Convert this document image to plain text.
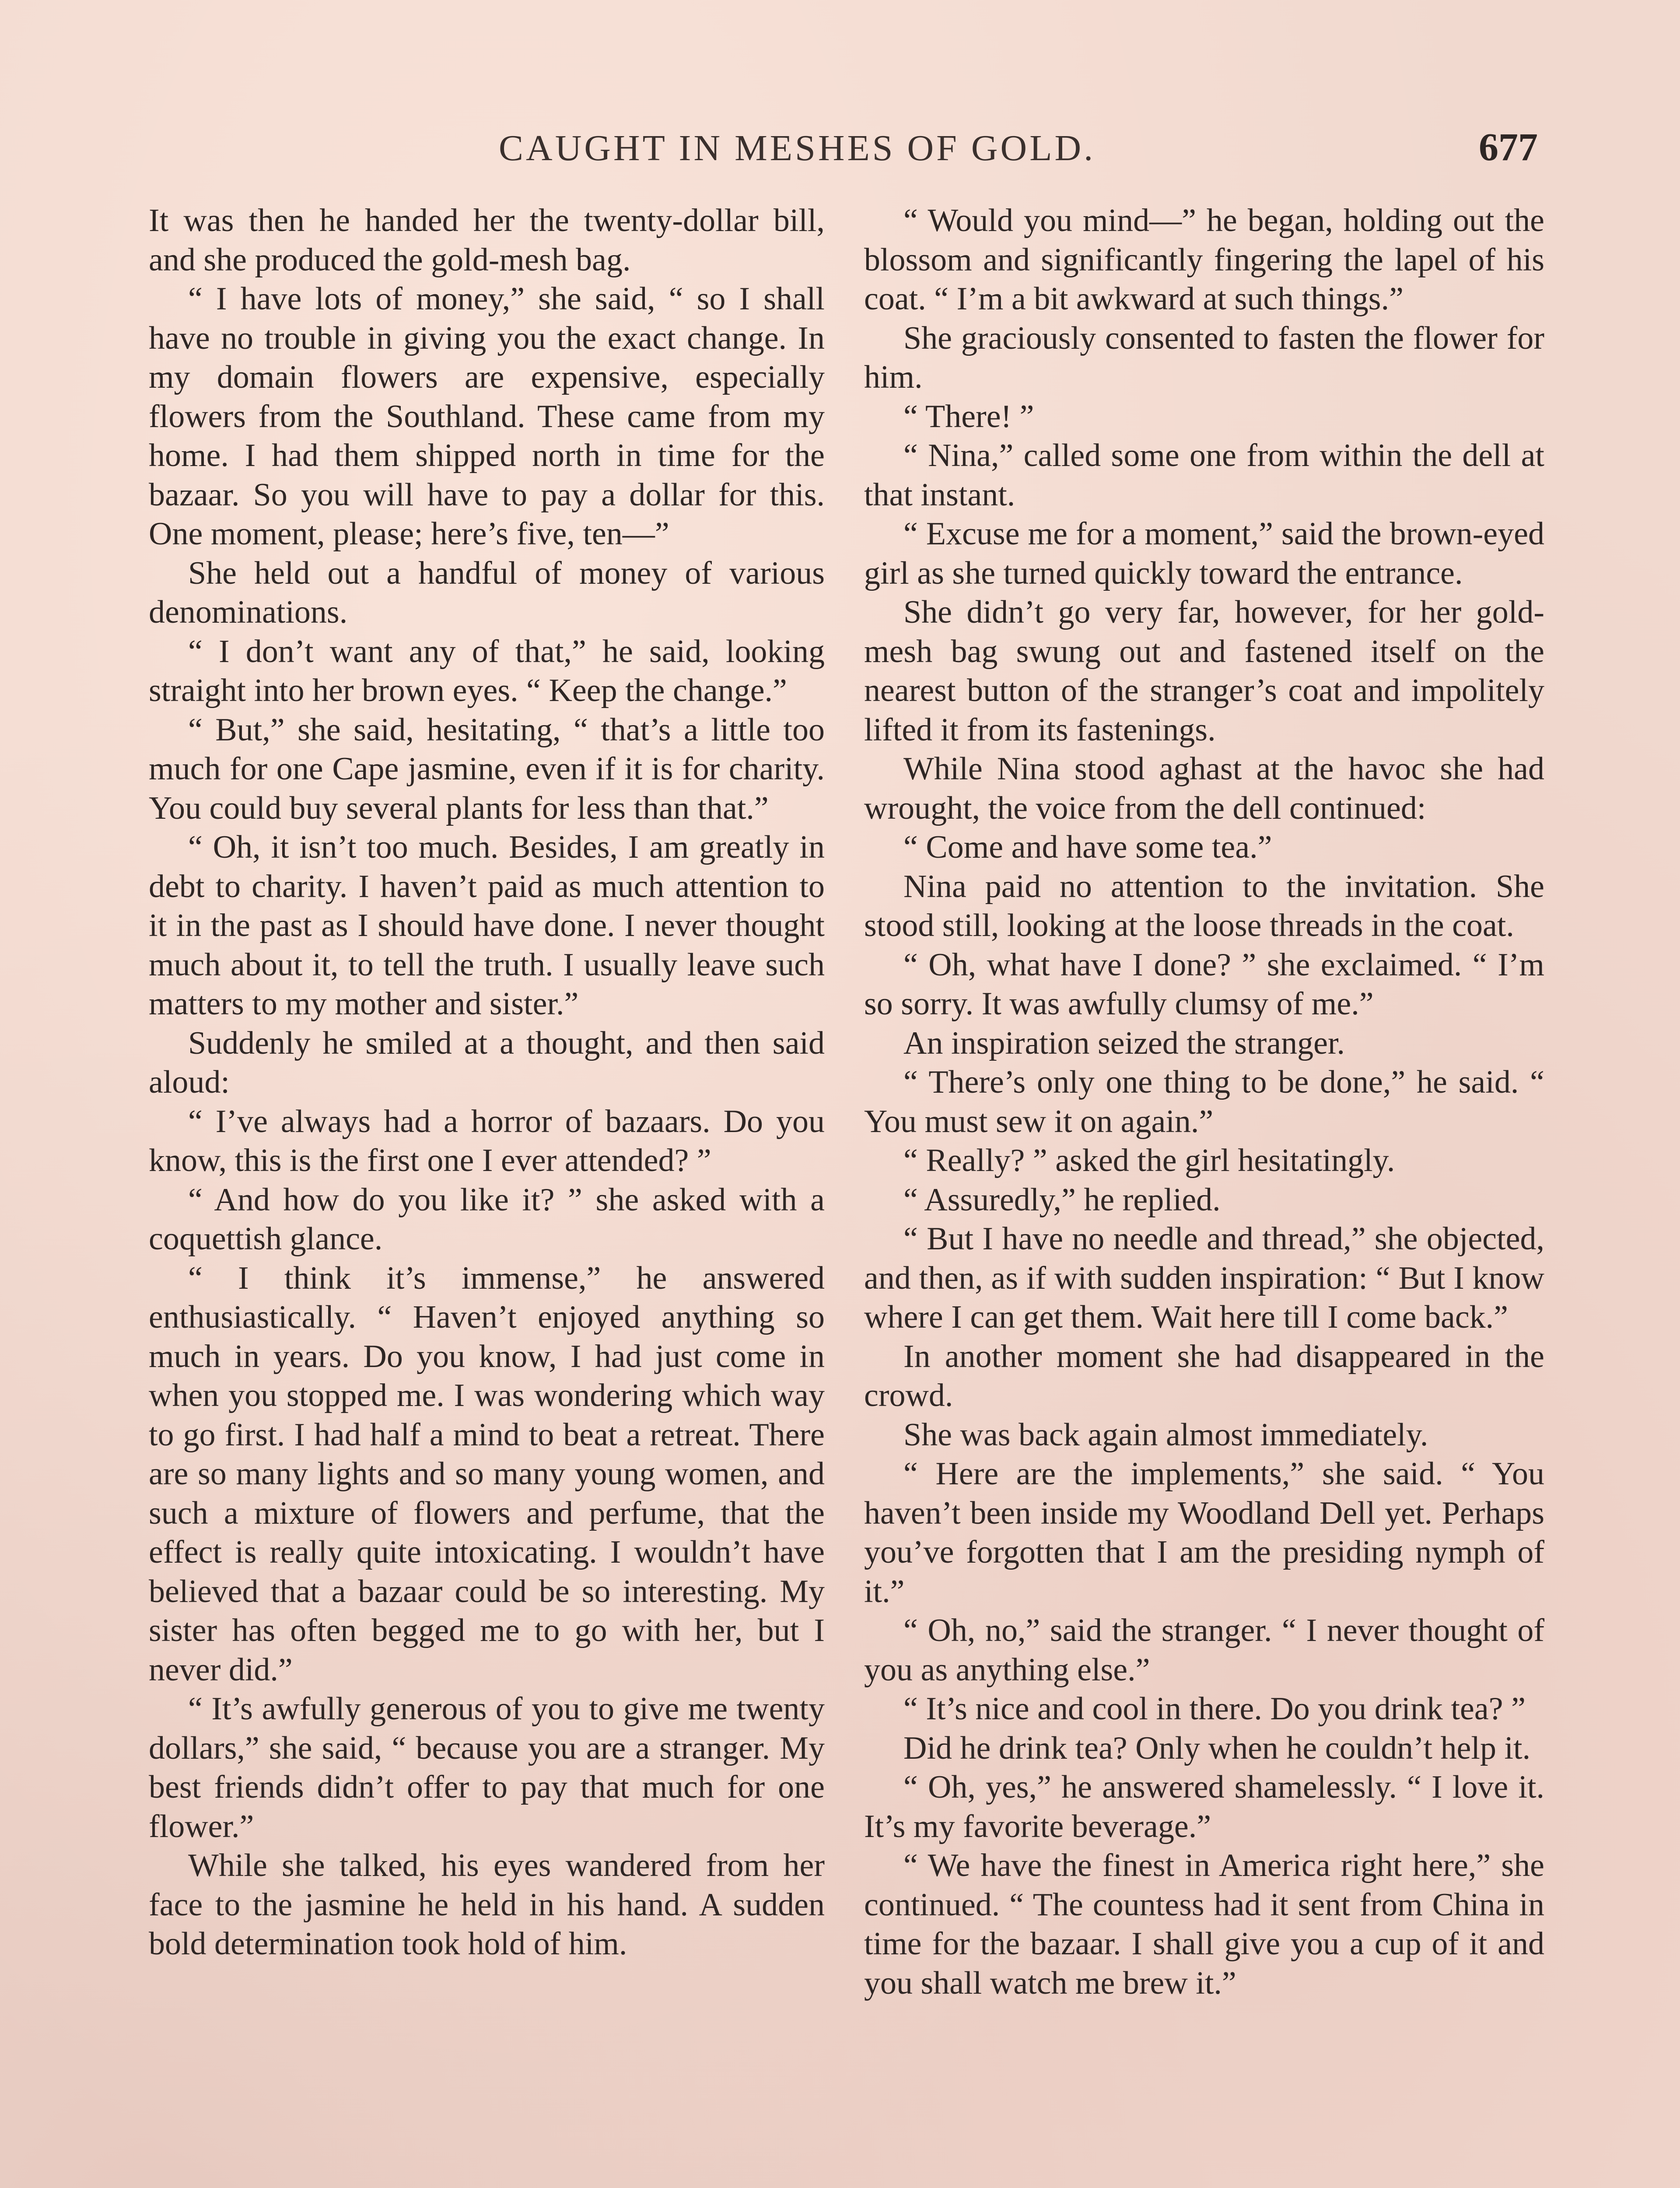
CAUGHT IN MESHES OF GOLD.	677

It was then he handed her the twenty-dollar bill, and she produced the gold-mesh bag.

“ I have lots of money,” she said, “ so I shall have no trouble in giving you the exact change. In my domain flowers are expensive, especially flowers from the Southland. These came from my home. I had them shipped north in time for the bazaar. So you will have to pay a dollar for this. One moment, please; here’s five, ten—”

She held out a handful of money of various denominations.

“ I don’t want any of that,” he said, looking straight into her brown eyes. “ Keep the change.”

“ But,” she said, hesitating, “ that’s a little too much for one Cape jasmine, even if it is for charity. You could buy several plants for less than that.”

“ Oh, it isn’t too much. Besides, I am greatly in debt to charity. I haven’t paid as much attention to it in the past as I should have done. I never thought much about it, to tell the truth. I usually leave such matters to my mother and sister.”

Suddenly he smiled at a thought, and then said aloud:

“ I’ve always had a horror of bazaars. Do you know, this is the first one I ever attended? ”

“ And how do you like it? ” she asked with a coquettish glance.

“ I think it’s immense,” he answered enthusiastically. “ Haven’t enjoyed anything so much in years. Do you know, I had just come in when you stopped me. I was wondering which way to go first. I had half a mind to beat a retreat. There are so many lights and so many young women, and such a mixture of flowers and perfume, that the effect is really quite intoxicating. I wouldn’t have believed that a bazaar could be so interesting. My sister has often begged me to go with her, but I never did.”

“ It’s awfully generous of you to give me twenty dollars,” she said, “ because you are a stranger. My best friends didn’t offer to pay that much for one flower.”

While she talked, his eyes wandered from her face to the jasmine he held in his hand. A sudden bold determination took hold of him.

“ Would you mind—” he began, holding out the blossom and significantly fingering the lapel of his coat. “ I’m a bit awkward at such things.”

She graciously consented to fasten the flower for him.

“ There! ”

“ Nina,” called some one from within the dell at that instant.

“ Excuse me for a moment,” said the brown-eyed girl as she turned quickly toward the entrance.

She didn’t go very far, however, for her gold-mesh bag swung out and fastened itself on the nearest button of the stranger’s coat and impolitely lifted it from its fastenings.

While Nina stood aghast at the havoc she had wrought, the voice from the dell continued:

“ Come and have some tea.”

Nina paid no attention to the invitation. She stood still, looking at the loose threads in the coat.

“ Oh, what have I done? ” she exclaimed. “ I’m so sorry. It was awfully clumsy of me.”

An inspiration seized the stranger.

“ There’s only one thing to be done,” he said. “ You must sew it on again.”

“ Really? ” asked the girl hesitatingly.

“ Assuredly,” he replied.

“ But I have no needle and thread,” she objected, and then, as if with sudden inspiration: “ But I know where I can get them. Wait here till I come back.”

In another moment she had disappeared in the crowd.

She was back again almost immediately.

“ Here are the implements,” she said. “ You haven’t been inside my Woodland Dell yet. Perhaps you’ve forgotten that I am the presiding nymph of it.”

“ Oh, no,” said the stranger. “ I never thought of you as anything else.”

“ It’s nice and cool in there. Do you drink tea? ”

Did he drink tea? Only when he couldn’t help it.

“ Oh, yes,” he answered shamelessly. “ I love it. It’s my favorite beverage.”

“ We have the finest in America right here,” she continued. “ The countess had it sent from China in time for the bazaar. I shall give you a cup of it and you shall watch me brew it.”
